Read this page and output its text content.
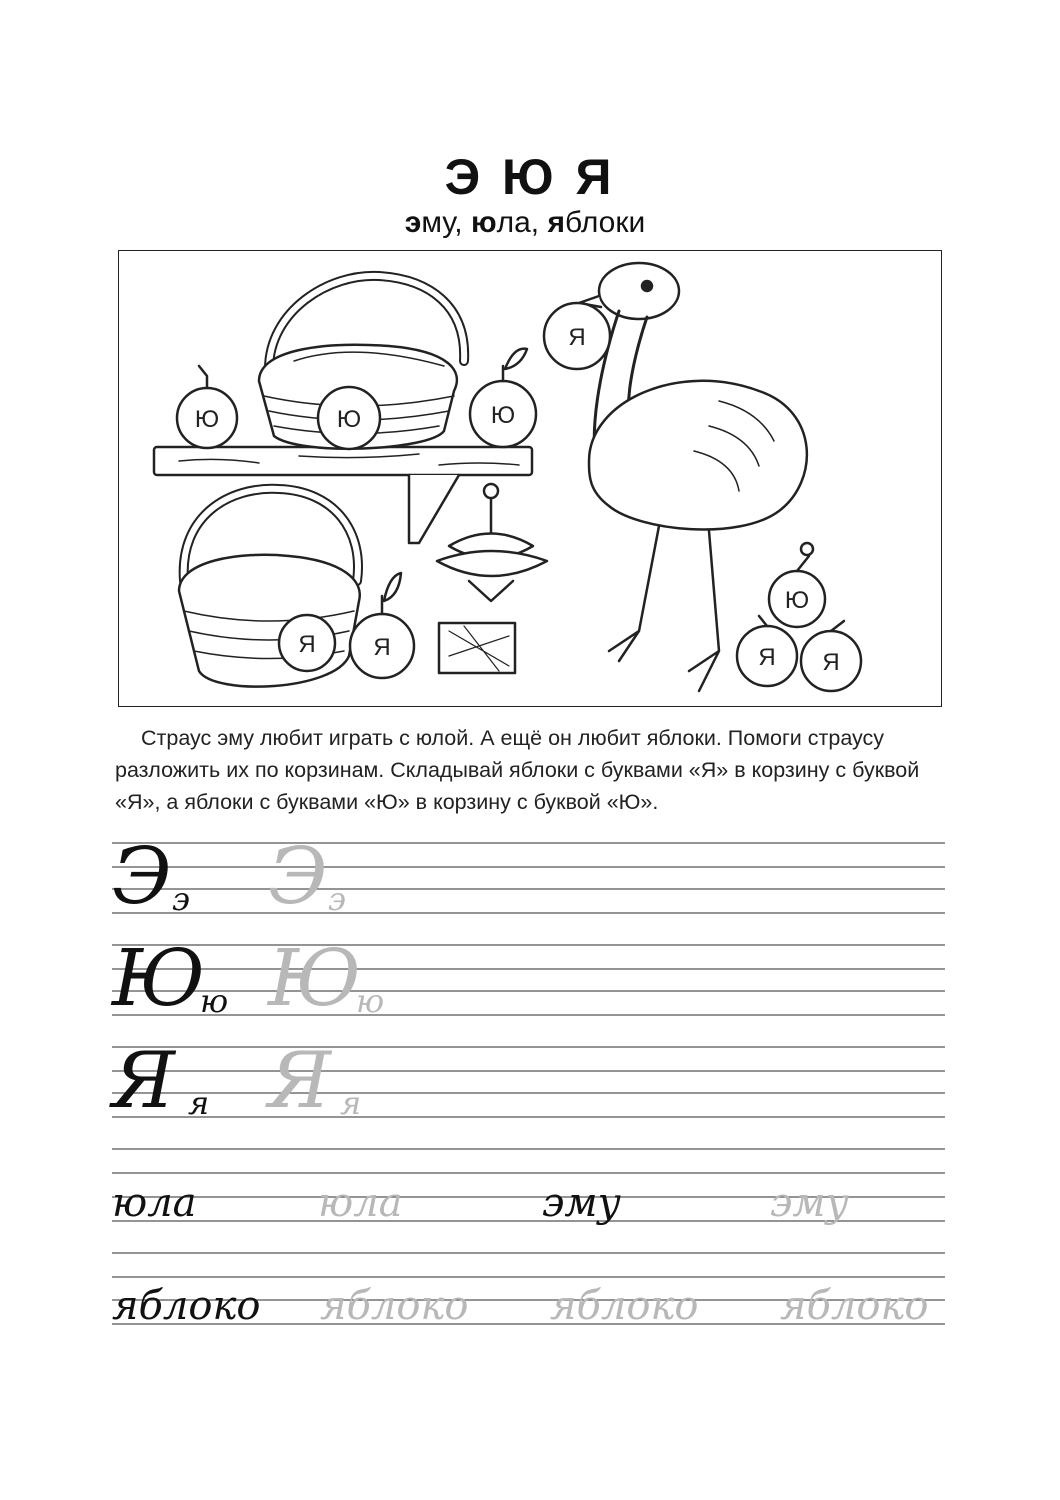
Э Ю Я
эму, юла, яблоки
Ю	Ю	Ю
Я
Я Я
Ю
Я Я
Страус эму любит играть с юлой. А ещё он любит яблоки. Помоги страусу разложить их по корзинам. Складывай яблоки с буквами «Я» в корзину с буквой «Я», а яблоки с буквами «Ю» в корзину с буквой «Ю».
Э э Э э
Ю
ю Ю
ю
Я я Я я
юла	юла	эму	эму
яблоко яблоко яблоко яблоко
